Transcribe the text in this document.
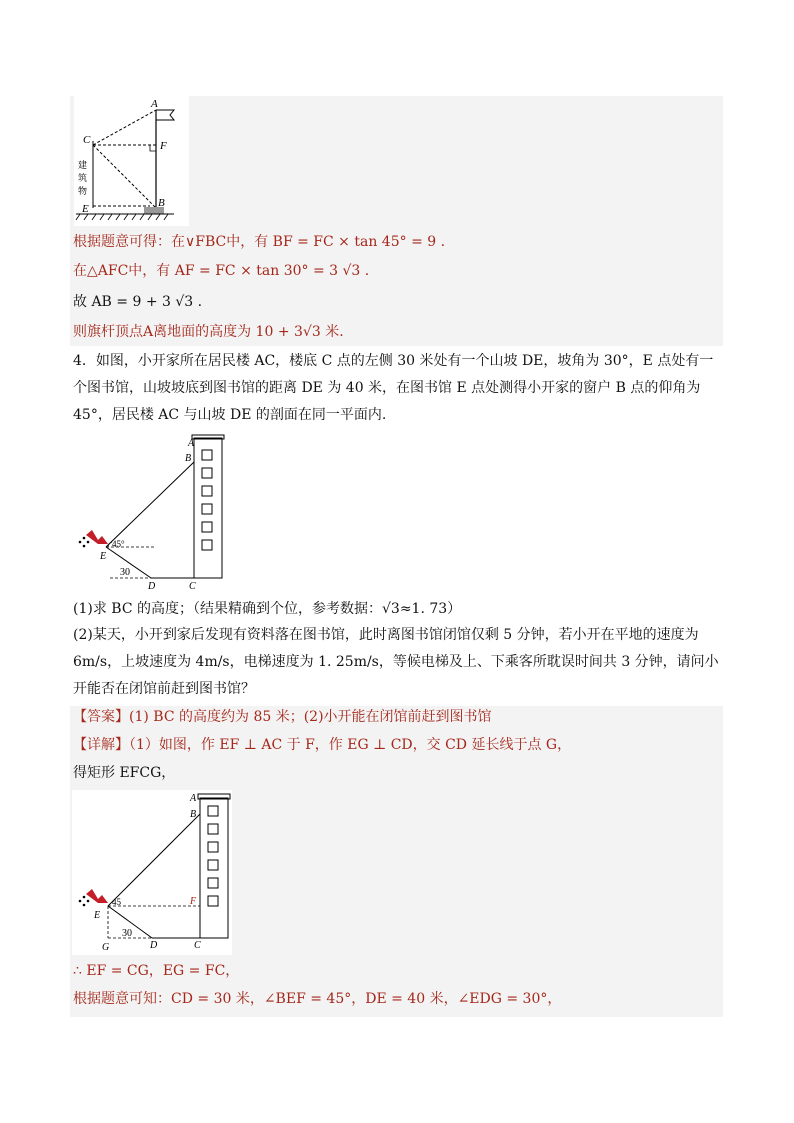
A
C	F
E	B
建
筑
物
根据题意可得：在∨FBC中，有 BF = FC × tan 45° = 9 .
在△AFC中，有 AF = FC × tan 30° = 3 √3 .
故 AB = 9 + 3 √3 .
则旗杆顶点A离地面的高度为 10 + 3√3 米.
4．如图，小开家所在居民楼 AC，楼底 C 点的左侧 30 米处有一个山坡 DE，坡角为 30°，E 点处有一个图书馆，山坡坡底到图书馆的距离 DE 为 40 米，在图书馆 E 点处测得小开家的窗户 B 点的仰角为 45°，居民楼 AC 与山坡 DE 的剖面在同一平面内.
A
B
E
45°
30
D	C
(1)求 BC 的高度；（结果精确到个位，参考数据：√3≈1. 73）
(2)某天，小开到家后发现有资料落在图书馆，此时离图书馆闭馆仅剩 5 分钟，若小开在平地的速度为 6m/s，上坡速度为 4m/s，电梯速度为 1. 25m/s，等候电梯及上、下乘客所耽误时间共 3 分钟，请问小开能否在闭馆前赶到图书馆？
【答案】(1) BC 的高度约为 85 米；(2)小开能在闭馆前赶到图书馆
【详解】（1）如图，作 EF ⊥ AC 于 F，作 EG ⊥ CD，交 CD 延长线于点 G，
得矩形 EFCG，
A
B
F
E
45
30
G	D	C
∴ EF = CG，EG = FC，
根据题意可知：CD = 30 米，∠BEF = 45°，DE = 40 米，∠EDG = 30°，
